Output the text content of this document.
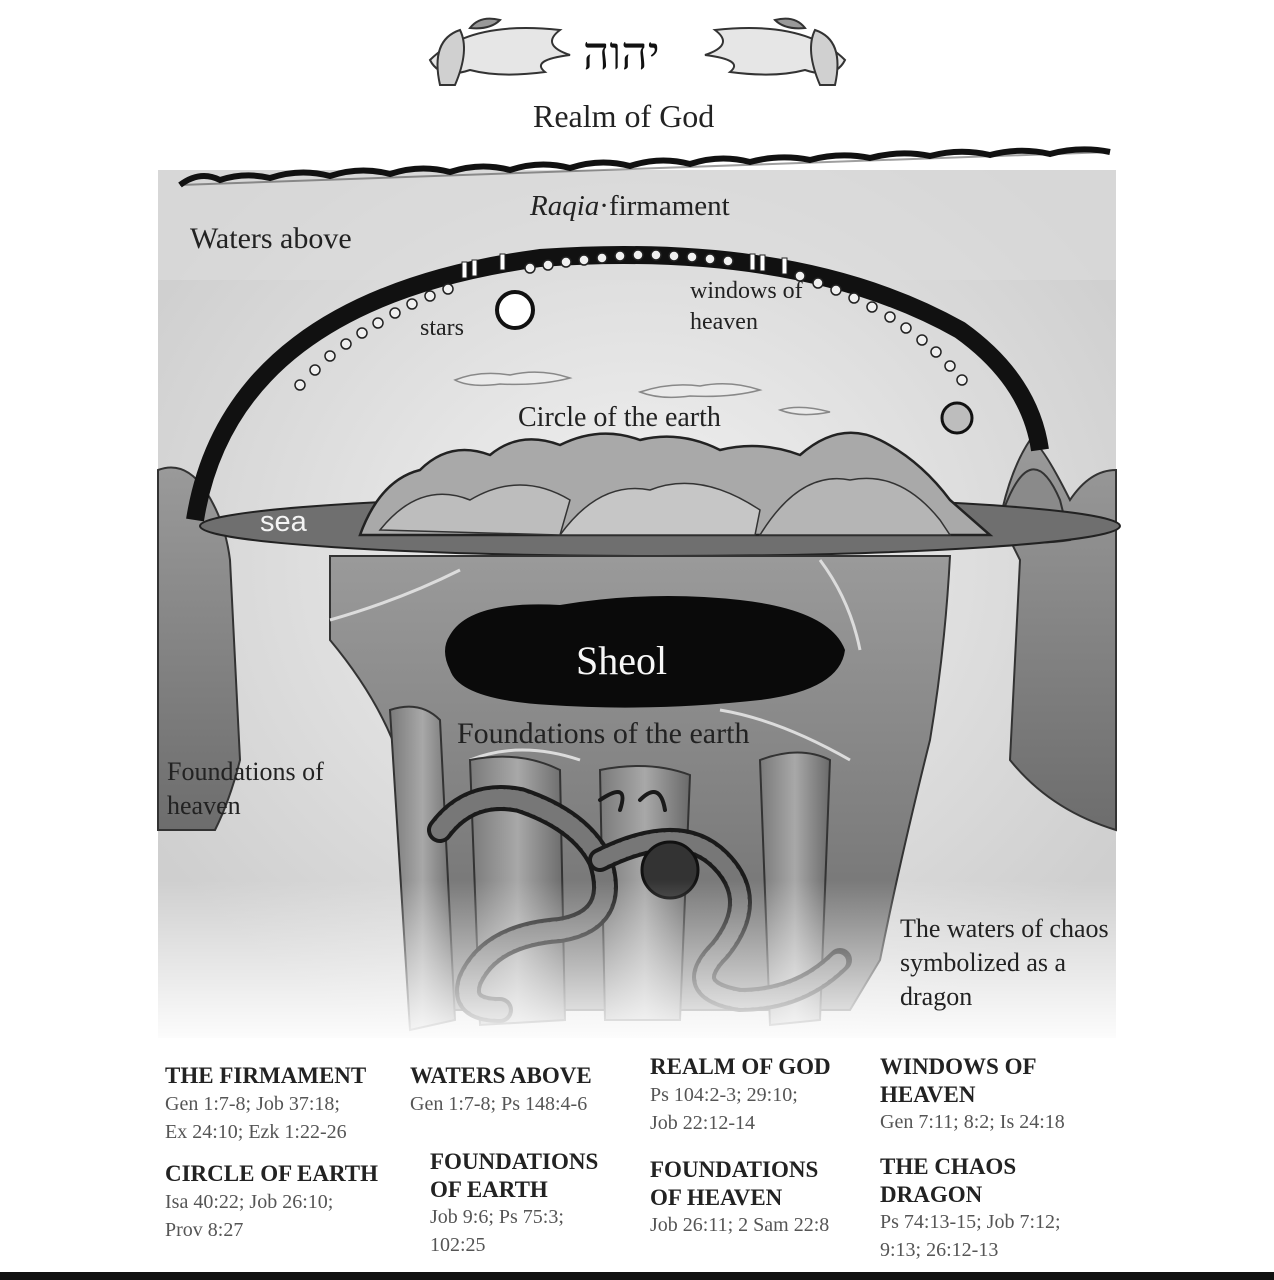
יהוה
Realm of God
Waters above
Raqia·firmament
stars
windows of heaven
Circle of the earth
sea
Sheol
Foundations of the earth
Foundations of heaven
The waters of chaos symbolized as a dragon
THE FIRMAMENT
Gen 1:7-8; Job 37:18;
Ex 24:10; Ezk 1:22-26
WATERS ABOVE
Gen 1:7-8; Ps 148:4-6
REALM OF GOD
Ps 104:2-3; 29:10;
Job 22:12-14
WINDOWS OF
HEAVEN
Gen 7:11; 8:2; Is 24:18
CIRCLE OF EARTH
Isa 40:22; Job 26:10;
Prov 8:27
FOUNDATIONS
OF EARTH
Job 9:6; Ps 75:3;
102:25
FOUNDATIONS
OF HEAVEN
Job 26:11; 2 Sam 22:8
THE CHAOS
DRAGON
Ps 74:13-15; Job 7:12;
9:13; 26:12-13
